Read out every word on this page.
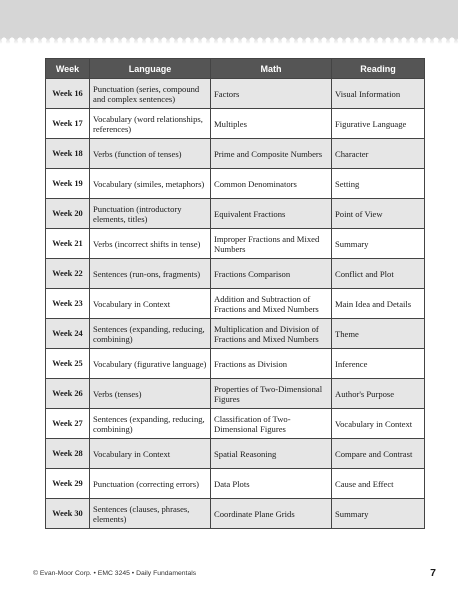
Week	Language	Math	Reading
Week 16	Punctuation (series, compound and complex sentences)	Factors	Visual Information
Week 17	Vocabulary (word relationships, references)	Multiples	Figurative Language
Week 18	Verbs (function of tenses)	Prime and Composite Numbers	Character
Week 19	Vocabulary (similes, metaphors)	Common Denominators	Setting
Week 20	Punctuation (introductory elements, titles)	Equivalent Fractions	Point of View
Week 21	Verbs (incorrect shifts in tense)	Improper Fractions and Mixed Numbers	Summary
Week 22	Sentences (run-ons, fragments)	Fractions Comparison	Conflict and Plot
Week 23	Vocabulary in Context	Addition and Subtraction of Fractions and Mixed Numbers	Main Idea and Details
Week 24	Sentences (expanding, reducing, combining)	Multiplication and Division of Fractions and Mixed Numbers	Theme
Week 25	Vocabulary (figurative language)	Fractions as Division	Inference
Week 26	Verbs (tenses)	Properties of Two-Dimensional Figures	Author's Purpose
Week 27	Sentences (expanding, reducing, combining)	Classification of Two-Dimensional Figures	Vocabulary in Context
Week 28	Vocabulary in Context	Spatial Reasoning	Compare and Contrast
Week 29	Punctuation (correcting errors)	Data Plots	Cause and Effect
Week 30	Sentences (clauses, phrases, elements)	Coordinate Plane Grids	Summary
© Evan-Moor Corp. • EMC 3245 • Daily Fundamentals	7
